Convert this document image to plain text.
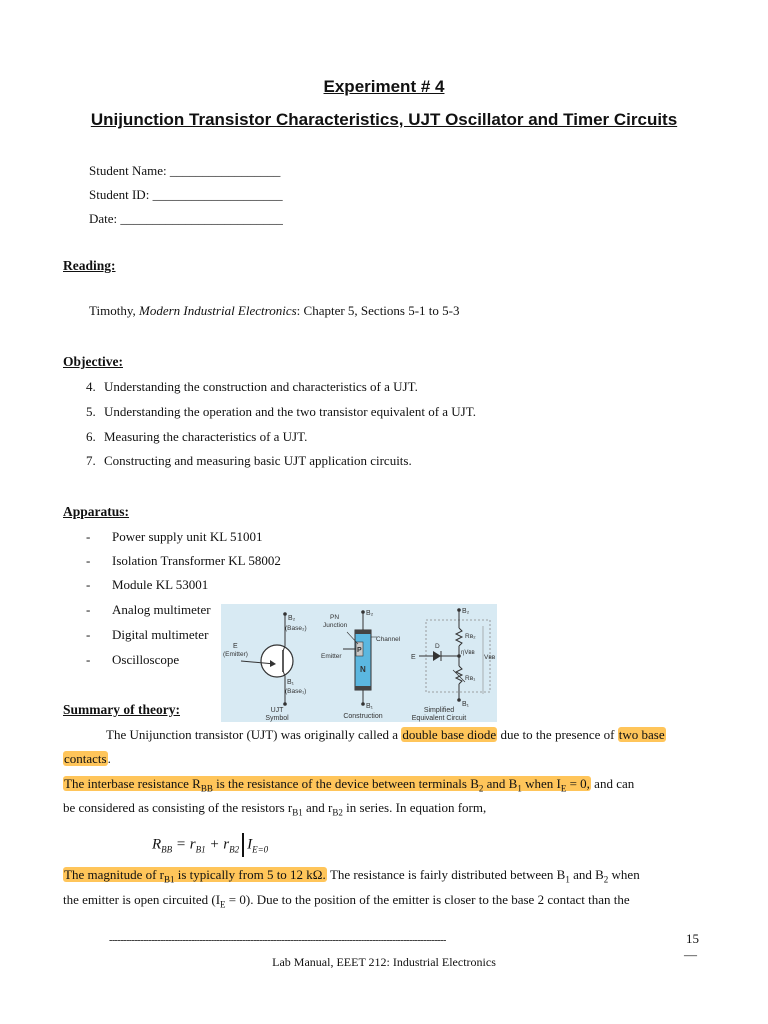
Experiment # 4
Unijunction Transistor Characteristics, UJT Oscillator and Timer Circuits
Student Name: _________________
Student ID: ____________________
Date: _________________________
Reading:
Timothy, Modern Industrial Electronics: Chapter 5, Sections 5-1 to 5-3
Objective:
4. Understanding the construction and characteristics of a UJT.
5. Understanding the operation and the two transistor equivalent of a UJT.
6. Measuring the characteristics of a UJT.
7. Constructing and measuring basic UJT application circuits.
Apparatus:
- Power supply unit KL 51001
- Isolation Transformer KL 58002
- Module KL 53001
- Analog multimeter
- Digital multimeter
- Oscilloscope
B₂
(Base₂)
E
(Emitter)
B₁
(Base₁)
UJT
Symbol
PN
Junction
B₂
Channel
Emitter
P
N
B₁
Construction
B₂
Rʙ₂
E
D
ηVʙʙ
Vʙʙ
Rʙ₁
B₁
Simplified
Equivalent Circuit
Summary of theory:
The Unijunction transistor (UJT) was originally called a double base diode due to the presence of two base
contacts.
The interbase resistance $R_{BB}$ is the resistance of the device between terminals $B_2$ and $B_1$ when $I_E = 0$, and can
be considered as consisting of the resistors $r_{B1}$ and $r_{B2}$ in series. In equation form,
$R_{BB} = r_{B1} + r_{B2}$ $I_{E=0}$
The magnitude of $r_{B1}$ is typically from 5 to 12 kΩ. The resistance is fairly distributed between $B_1$ and $B_2$ when
the emitter is open circuited $(I_E = 0)$. Due to the position of the emitter is closer to the base 2 contact than the
-----------------------------------------------------------------------------------------------------------------------	15
—
Lab Manual, EEET 212: Industrial Electronics
